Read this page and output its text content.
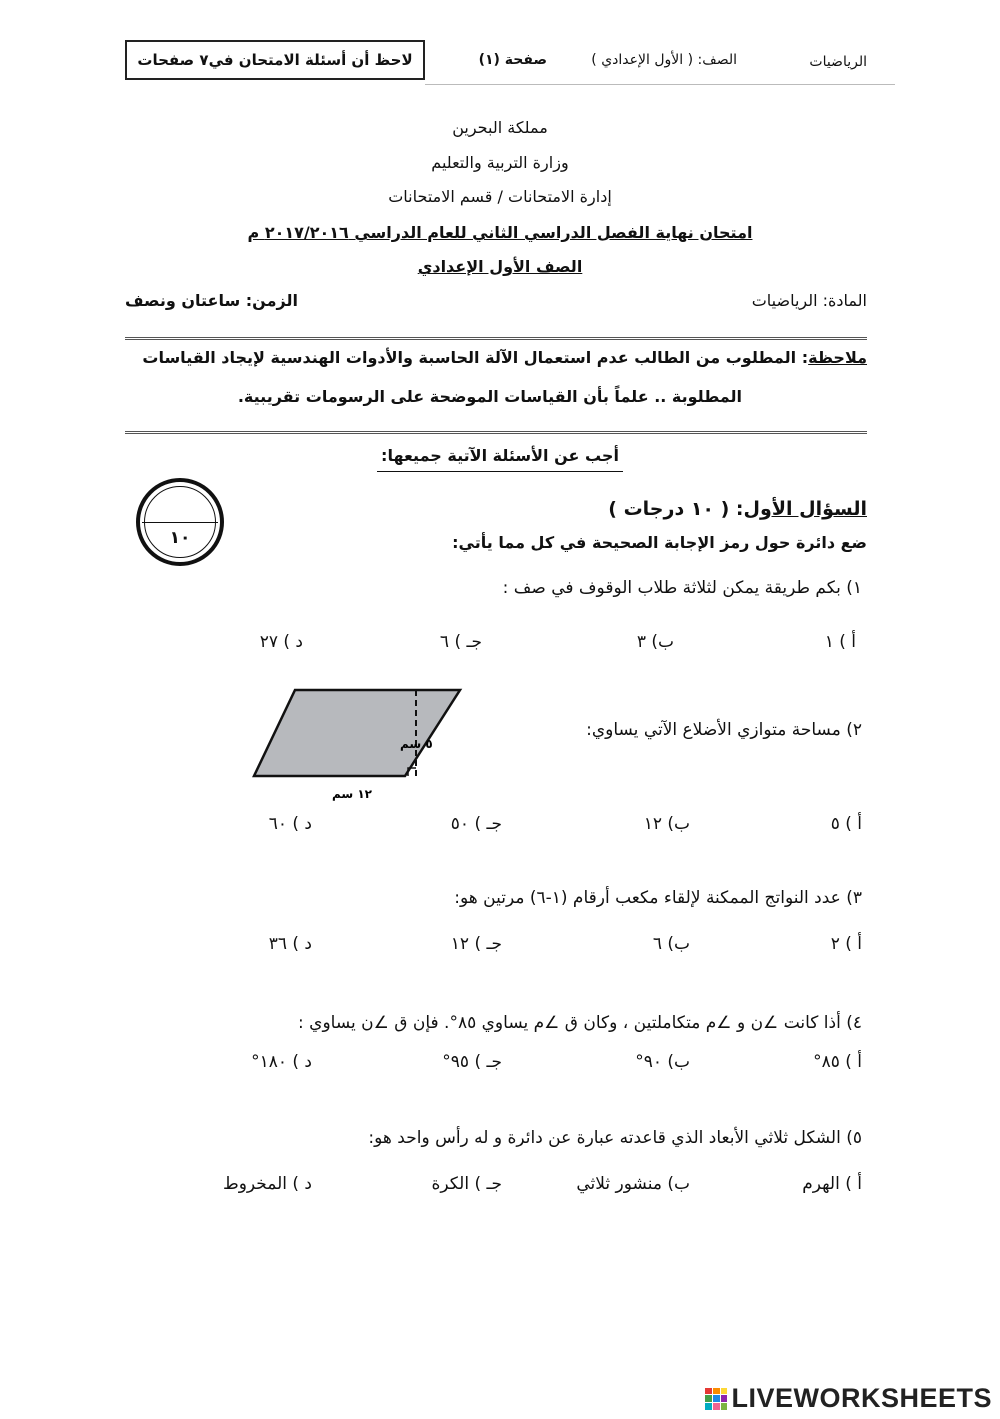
الرياضيات
الصف: ( الأول الإعدادي )
صفحة (١)
لاحظ أن أسئلة الامتحان في٧ صفحات
مملكة البحرين
وزارة التربية والتعليم
إدارة الامتحانات / قسم الامتحانات
امتحان نهاية الفصل الدراسي الثاني للعام الدراسي ٢٠١٧/٢٠١٦ م
الصف الأول الإعدادي
المادة: الرياضيات
الزمن: ساعتان ونصف
ملاحظة: المطلوب من الطالب عدم استعمال الآلة الحاسبة والأدوات الهندسية لإيجاد القياسات
المطلوبة .. علماً بأن القياسات الموضحة على الرسومات تقريبية.
أجب عن الأسئلة الآتية جميعها:
١٠
السؤال الأول: ( ١٠ درجات )
ضع دائرة حول رمز الإجابة الصحيحة في كل مما يأتي:
١) بكم طريقة يمكن لثلاثة طلاب الوقوف في صف :
أ ) ١
ب) ٣
جـ ) ٦
د ) ٢٧
٢) مساحة متوازي الأضلاع الآتي يساوي:
٥ سم
١٢ سم
أ ) ٥
ب) ١٢
جـ ) ٥٠
د ) ٦٠
٣) عدد النواتج الممكنة لإلقاء مكعب أرقام (١-٦) مرتين هو:
أ ) ٢
ب) ٦
جـ ) ١٢
د ) ٣٦
٤) أذا كانت ∠ن و ∠م متكاملتين ، وكان ق ∠م يساوي ٨٥°. فإن ق ∠ن يساوي :
أ ) ٨٥°
ب) ٩٠°
جـ ) ٩٥°
د ) ١٨٠°
٥) الشكل ثلاثي الأبعاد الذي قاعدته عبارة عن دائرة و له رأس واحد هو:
أ ) الهرم
ب) منشور ثلاثي
جـ ) الكرة
د ) المخروط
LIVEWORKSHEETS
